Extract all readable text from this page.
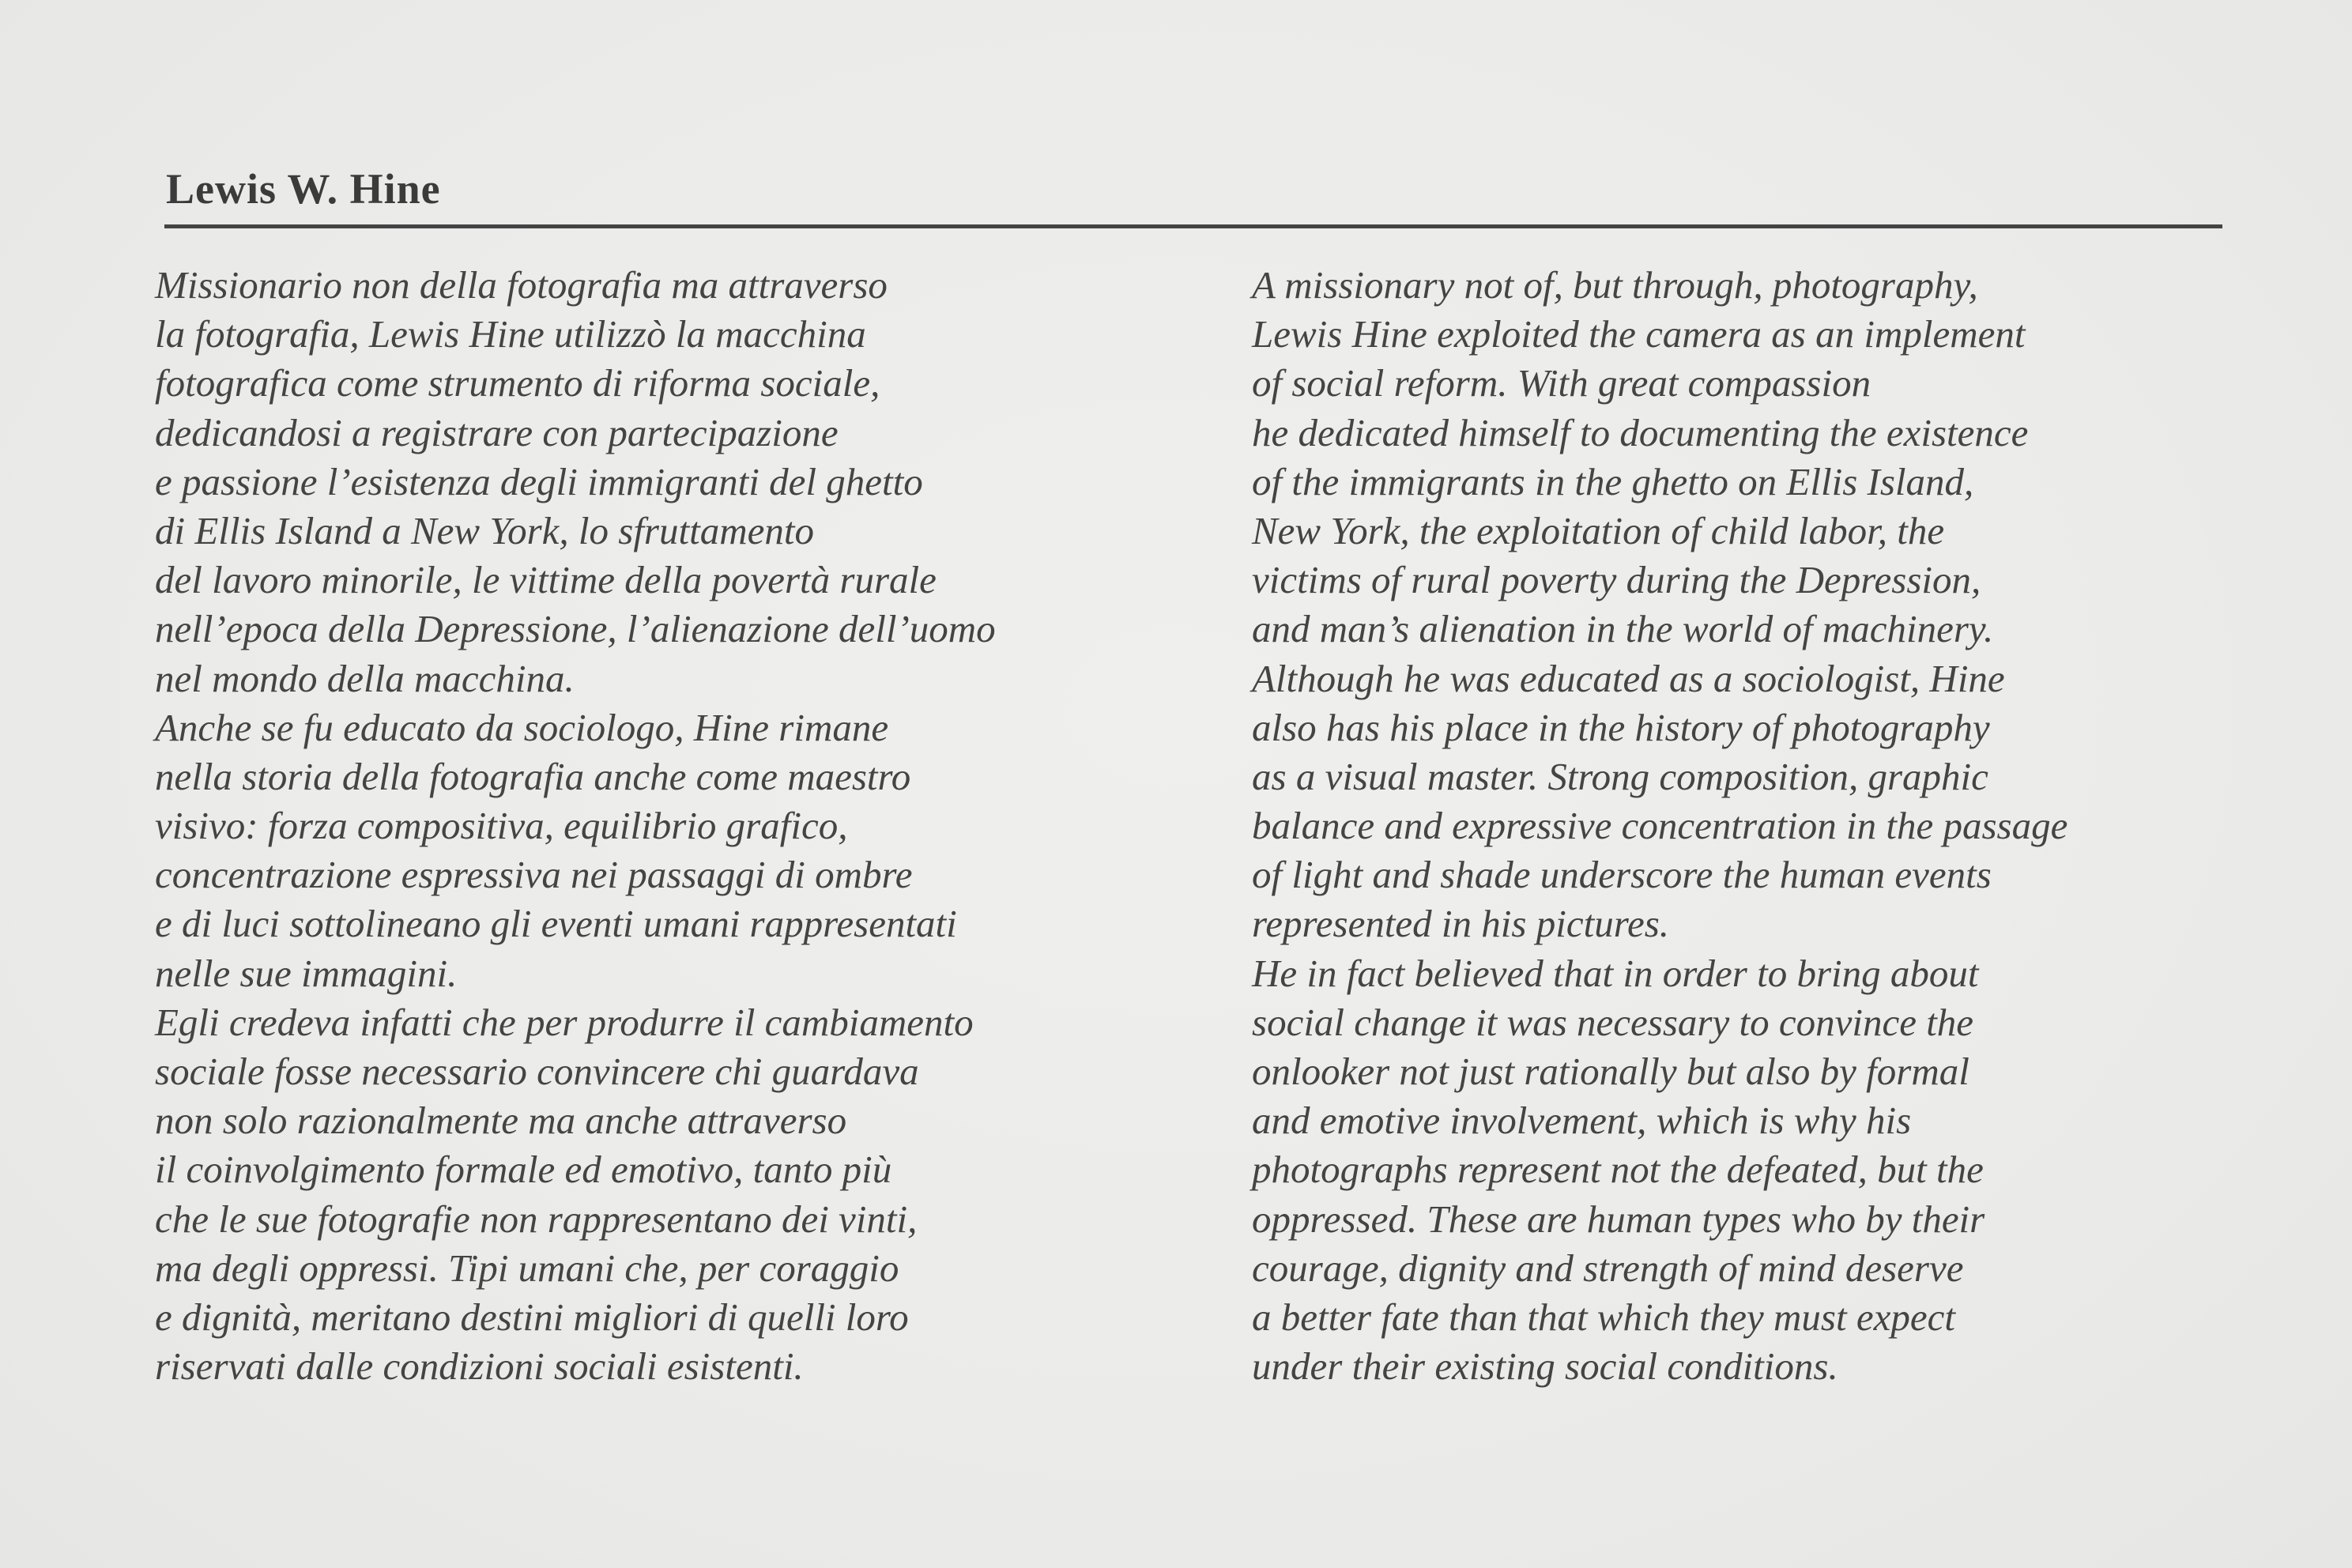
Lewis W. Hine
Missionario non della fotografia ma attraverso
la fotografia, Lewis Hine utilizzò la macchina
fotografica come strumento di riforma sociale,
dedicandosi a registrare con partecipazione
e passione l’esistenza degli immigranti del ghetto
di Ellis Island a New York, lo sfruttamento
del lavoro minorile, le vittime della povertà rurale
nell’epoca della Depressione, l’alienazione dell’uomo
nel mondo della macchina.
Anche se fu educato da sociologo, Hine rimane
nella storia della fotografia anche come maestro
visivo: forza compositiva, equilibrio grafico,
concentrazione espressiva nei passaggi di ombre
e di luci sottolineano gli eventi umani rappresentati
nelle sue immagini.
Egli credeva infatti che per produrre il cambiamento
sociale fosse necessario convincere chi guardava
non solo razionalmente ma anche attraverso
il coinvolgimento formale ed emotivo, tanto più
che le sue fotografie non rappresentano dei vinti,
ma degli oppressi. Tipi umani che, per coraggio
e dignità, meritano destini migliori di quelli loro
riservati dalle condizioni sociali esistenti.
A missionary not of, but through, photography,
Lewis Hine exploited the camera as an implement
of social reform. With great compassion
he dedicated himself to documenting the existence
of the immigrants in the ghetto on Ellis Island,
New York, the exploitation of child labor, the
victims of rural poverty during the Depression,
and man’s alienation in the world of machinery.
Although he was educated as a sociologist, Hine
also has his place in the history of photography
as a visual master. Strong composition, graphic
balance and expressive concentration in the passage
of light and shade underscore the human events
represented in his pictures.
He in fact believed that in order to bring about
social change it was necessary to convince the
onlooker not just rationally but also by formal
and emotive involvement, which is why his
photographs represent not the defeated, but the
oppressed. These are human types who by their
courage, dignity and strength of mind deserve
a better fate than that which they must expect
under their existing social conditions.
